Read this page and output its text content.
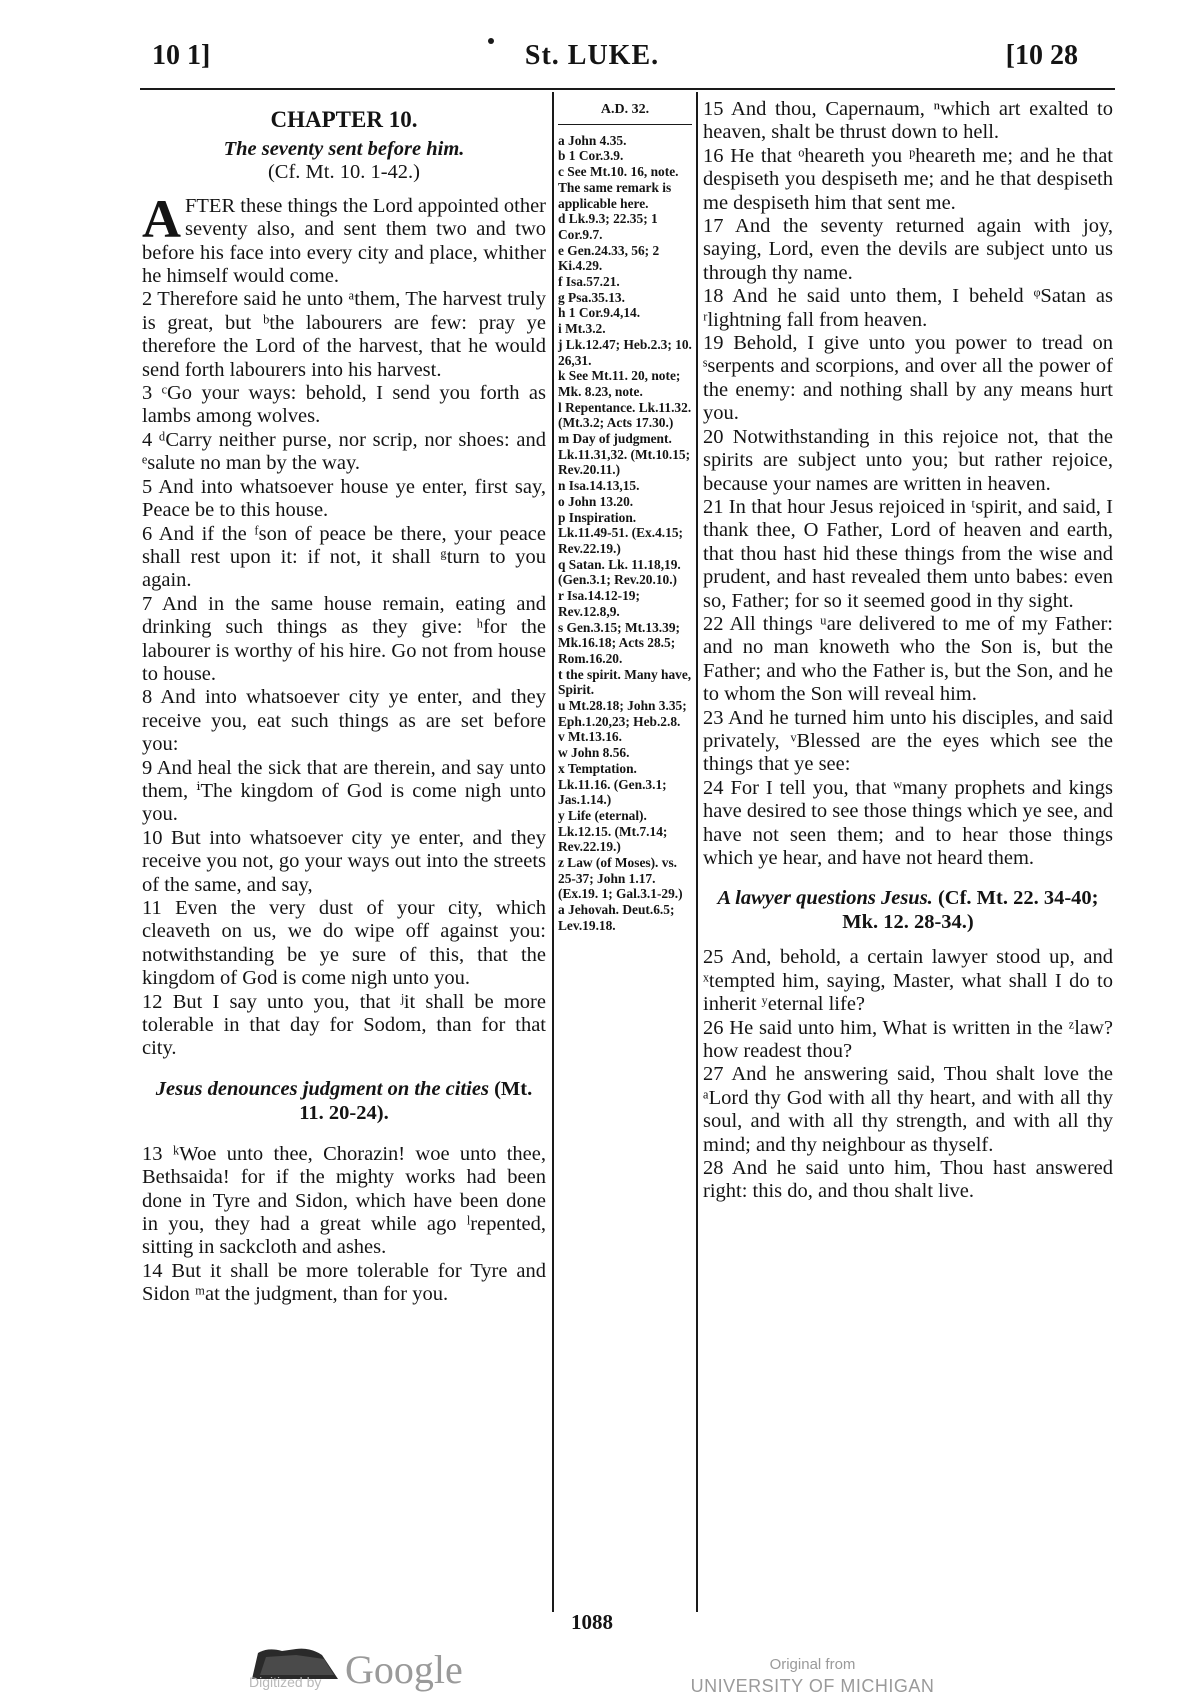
10 1]	St. LUKE.	[10 28
CHAPTER 10.
The seventy sent before him.
(Cf. Mt. 10. 1-42.)

AFTER these things the Lord appointed other seventy also, and sent them two and two before his face into every city and place, whither he himself would come.

2 Therefore said he unto ᵃthem, The harvest truly is great, but ᵇthe labourers are few: pray ye therefore the Lord of the harvest, that he would send forth labourers into his harvest.

3 ᶜGo your ways: behold, I send you forth as lambs among wolves.

4 ᵈCarry neither purse, nor scrip, nor shoes: and ᵉsalute no man by the way.

5 And into whatsoever house ye enter, first say, Peace be to this house.

6 And if the ᶠson of peace be there, your peace shall rest upon it: if not, it shall ᵍturn to you again.

7 And in the same house remain, eating and drinking such things as they give: ʰfor the labourer is worthy of his hire. Go not from house to house.

8 And into whatsoever city ye enter, and they receive you, eat such things as are set before you:

9 And heal the sick that are therein, and say unto them, ⁱThe kingdom of God is come nigh unto you.

10 But into whatsoever city ye enter, and they receive you not, go your ways out into the streets of the same, and say,

11 Even the very dust of your city, which cleaveth on us, we do wipe off against you: notwithstanding be ye sure of this, that the kingdom of God is come nigh unto you.

12 But I say unto you, that ʲit shall be more tolerable in that day for Sodom, than for that city.

Jesus denounces judgment on the cities (Mt. 11. 20-24).

13 ᵏWoe unto thee, Chorazin! woe unto thee, Bethsaida! for if the mighty works had been done in Tyre and Sidon, which have been done in you, they had a great while ago ˡrepented, sitting in sackcloth and ashes.

14 But it shall be more tolerable for Tyre and Sidon ᵐat the judgment, than for you.

A.D. 32.

a John 4.35.

b 1 Cor.3.9.

c See Mt.10. 16, note. The same remark is applicable here.

d Lk.9.3; 22.35; 1 Cor.9.7.

e Gen.24.33, 56; 2 Ki.4.29.

f Isa.57.21.

g Psa.35.13.

h 1 Cor.9.4,14.

i Mt.3.2.

j Lk.12.47; Heb.2.3; 10. 26,31.

k See Mt.11. 20, note; Mk. 8.23, note.

l Repentance. Lk.11.32. (Mt.3.2; Acts 17.30.)

m Day of judgment. Lk.11.31,32. (Mt.10.15; Rev.20.11.)

n Isa.14.13,15.

o John 13.20.

p Inspiration. Lk.11.49-51. (Ex.4.15; Rev.22.19.)

q Satan. Lk. 11.18,19. (Gen.3.1; Rev.20.10.)

r Isa.14.12-19; Rev.12.8,9.

s Gen.3.15; Mt.13.39; Mk.16.18; Acts 28.5; Rom.16.20.

t the spirit. Many have, Spirit.

u Mt.28.18; John 3.35; Eph.1.20,23; Heb.2.8.

v Mt.13.16.

w John 8.56.

x Temptation. Lk.11.16. (Gen.3.1; Jas.1.14.)

y Life (eternal). Lk.12.15. (Mt.7.14; Rev.22.19.)

z Law (of Moses). vs. 25-37; John 1.17. (Ex.19. 1; Gal.3.1-29.)

a Jehovah. Deut.6.5; Lev.19.18.

15 And thou, Capernaum, ⁿwhich art exalted to heaven, shalt be thrust down to hell.

16 He that ᵒheareth you ᵖheareth me; and he that despiseth you despiseth me; and he that despiseth me despiseth him that sent me.

17 And the seventy returned again with joy, saying, Lord, even the devils are subject unto us through thy name.

18 And he said unto them, I beheld ᵠSatan as ʳlightning fall from heaven.

19 Behold, I give unto you power to tread on ˢserpents and scorpions, and over all the power of the enemy: and nothing shall by any means hurt you.

20 Notwithstanding in this rejoice not, that the spirits are subject unto you; but rather rejoice, because your names are written in heaven.

21 In that hour Jesus rejoiced in ᵗspirit, and said, I thank thee, O Father, Lord of heaven and earth, that thou hast hid these things from the wise and prudent, and hast revealed them unto babes: even so, Father; for so it seemed good in thy sight.

22 All things ᵘare delivered to me of my Father: and no man knoweth who the Son is, but the Father; and who the Father is, but the Son, and he to whom the Son will reveal him.

23 And he turned him unto his disciples, and said privately, ᵛBlessed are the eyes which see the things that ye see:

24 For I tell you, that ʷmany prophets and kings have desired to see those things which ye see, and have not seen them; and to hear those things which ye hear, and have not heard them.

A lawyer questions Jesus. (Cf. Mt. 22. 34-40; Mk. 12. 28-34.)

25 And, behold, a certain lawyer stood up, and ˣtempted him, saying, Master, what shall I do to inherit ʸeternal life?

26 He said unto him, What is written in the ᶻlaw? how readest thou?

27 And he answering said, Thou shalt love the ᵃLord thy God with all thy heart, and with all thy soul, and with all thy strength, and with all thy mind; and thy neighbour as thyself.

28 And he said unto him, Thou hast answered right: this do, and thou shalt live.

1088
Digitized by Google	Original from
UNIVERSITY OF MICHIGAN
